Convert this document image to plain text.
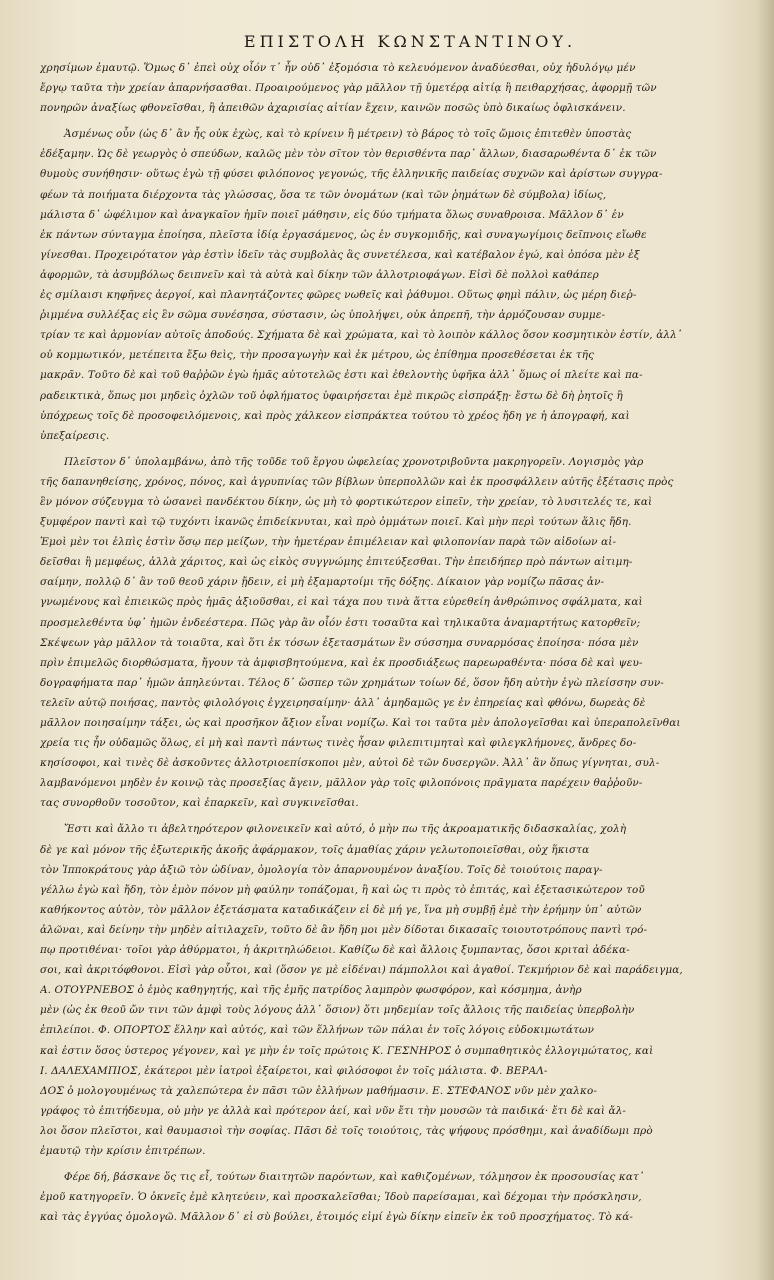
ΕΠΙΣΤΟΛΗ ΚΩΝΣΤΑΝΤΙΝΟΥ.

χρησίμων ἐμαυτῷ. Ὅμως δ᾽ ἐπεὶ οὐχ οἷόν τ᾽ ἦν οὐδ᾽ ἐξομόσια τὸ κελευόμενον ἀναδύεσθαι, οὐχ ἡδυλόγῳ μέν

ἔργῳ ταῦτα τὴν χρείαν ἀπαρνήσασθαι. Προαιρούμενος γὰρ μᾶλλον τῇ ὑμετέρᾳ αἰτίᾳ ἢ πειθαρχήσας, ἀφορμῇ τῶν

πονηρῶν ἀναξίως φθονεῖσθαι, ἢ ἀπειθῶν ἀχαρισίας αἰτίαν ἔχειν, καινῶν ποσῶς ὑπὸ δικαίως ὀφλισκάνειν.

Ἀσμένως οὖν (ὡς δ᾽ ἂν ἧς οὐκ ἐχὼς, καὶ τὸ κρίνειν ἢ μέτρειν) τὸ βάρος τὸ τοῖς ὤμοις ἐπιτεθὲν ὑποστὰς

ἐδέξαμην. Ὡς δὲ γεωργὸς ὁ σπεύδων, καλῶς μὲν τὸν σῖτον τὸν θερισθέντα παρ᾽ ἄλλων, διασαρωθέντα δ᾽ ἐκ τῶν

θυμοὺς συνήθησιν· οὕτως ἐγὼ τῇ φύσει φιλόπονος γεγονώς, τῆς ἑλληνικῆς παιδείας συχνῶν καὶ ἀρίστων συγγρα-

φέων τὰ ποιήματα διέρχοντα τὰς γλώσσας, ὅσα τε τῶν ὀνομάτων (καὶ τῶν ῥημάτων δὲ σύμβολα) ἰδίως,

μάλιστα δ᾽ ὠφέλιμον καὶ ἀναγκαῖον ἡμῖν ποιεῖ μάθησιν, εἰς δύο τμήματα ὅλως συναθροισα. Μᾶλλον δ᾽ ἐν

ἐκ πάντων σύνταγμα ἐποίησα, πλεῖστα ἰδίᾳ ἐργασάμενος, ὡς ἐν συγκομιδῆς, καὶ συναγωγίμοις δεῖπνοις εἴωθε

γίνεσθαι. Προχειρότατον γὰρ ἐστὶν ἰδεῖν τὰς συμβολὰς ἃς συνετέλεσα, καὶ κατέβαλον ἐγώ, καὶ ὁπόσα μὲν ἐξ

ἀφορμῶν, τὰ ἀσυμβόλως δειπνεῖν καὶ τὰ αὐτὰ καὶ δίκην τῶν ἀλλοτριοφάγων. Εἰσὶ δὲ πολλοὶ καθάπερ

ἐς σμίλαισι κηφῆνες ἀεργοί, καὶ πλανητάζοντες φῶρες νωθεῖς καὶ ῥάθυμοι. Οὕτως φημὶ πάλιν, ὡς μέρη διεῤ-

ῥιμμένα συλλέξας εἰς ἓν σῶμα συνέσησα, σύστασιν, ὡς ὑπολήψει, οὐκ ἀπρεπῆ, τὴν ἀρμόζουσαν συμμε-

τρίαν τε καὶ ἁρμονίαν αὐτοῖς ἀποδούς. Σχήματα δὲ καὶ χρώματα, καὶ τὸ λοιπὸν κάλλος ὅσον κοσμητικὸν ἐστίν, ἀλλ᾽

οὐ κομμωτικόν, μετέπειτα ἔξω θεὶς, τὴν προσαγωγὴν καὶ ἐκ μέτρου, ὡς ἐπίθημα προσεθέσεται ἐκ τῆς

μακρᾶν. Τοῦτο δὲ καὶ τοῦ θαῤῥῶν ἐγὼ ἡμᾶς αὐτοτελῶς ἐστι καὶ ἐθελοντὴς ὑφῆκα ἀλλ᾽ ὅμως οἱ πλείτε καὶ πα-

ραδεικτικὰ, ὅπως μοι μηδεὶς ὀχλῶν τοῦ ὀφλήματος ὑφαιρήσεται ἐμὲ πικρῶς εἰσπράξῃ· ἔστω δὲ δὴ ῥητοῖς ἢ

ὑπόχρεως τοῖς δὲ προσοφειλόμενοις, καὶ πρὸς χάλκεον εἰσπράκτεα τούτου τὸ χρέος ἤδη γε ἡ ἀπογραφή, καὶ

ὑπεξαίρεσις.

Πλεῖστον δ᾽ ὑπολαμβάνω, ἀπὸ τῆς τοῦδε τοῦ ἔργου ὠφελείας χρονοτριβοῦντα μακρηγορεῖν. Λογισμὸς γὰρ

τῆς δαπανηθείσης, χρόνος, πόνος, καὶ ἀγρυπνίας τῶν βίβλων ὑπερπολλῶν καὶ ἐκ προσφάλλειν αὐτῆς ἐξέτασις πρὸς

ἓν μόνον σύζευγμα τὸ ὡσανεὶ πανδέκτου δίκην, ὡς μὴ τὸ φορτικώτερον εἰπεῖν, τὴν χρείαν, τὸ λυσιτελές τε, καὶ

ξυμφέρον παντὶ καὶ τῷ τυχόντι ἱκανῶς ἐπιδείκνυται, καὶ πρὸ ὀμμάτων ποιεῖ. Καὶ μὴν περὶ τούτων ἅλις ἤδη.

Ἐμοὶ μὲν τοι ἐλπὶς ἐστὶν ὅσῳ περ μείζων, τὴν ἡμετέραν ἐπιμέλειαν καὶ φιλοπονίαν παρὰ τῶν αἰδοίων αἰ-

δεῖσθαι ἢ μεμφέως, ἀλλὰ χάριτος, καὶ ὡς εἰκὸς συγγνώμης ἐπιτεύξεσθαι. Τὴν ἐπειδήπερ πρὸ πάντων αἰτιμη-

σαίμην, πολλῷ δ᾽ ἂν τοῦ θεοῦ χάριν ᾔδειν, εἰ μὴ ἐξαμαρτοίμι τῆς δόξης. Δίκαιον γὰρ νομίζω πᾶσας ἀν-

γνωμένους καὶ ἐπιεικῶς πρὸς ἡμᾶς ἀξιοῦσθαι, εἰ καὶ τάχα που τινὰ ἅττα εὑρεθείη ἀνθρώπινος σφάλματα, καὶ

προσμελεθέντα ὑφ᾽ ἡμῶν ἐνδεέστερα. Πῶς γὰρ ἂν οἷόν ἐστι τοσαῦτα καὶ τηλικαῦτα ἀναμαρτήτως κατορθεῖν;

Σκέψεων γὰρ μᾶλλον τὰ τοιαῦτα, καὶ ὅτι ἐκ τόσων ἐξετασμάτων ἓν σύσσημα συναρμόσας ἐποίησα· πόσα μὲν

πρὶν ἐπιμελῶς διορθώσματα, ἤγουν τὰ ἀμφισβητούμενα, καὶ ἐκ προσδιάξεως παρεωραθέντα· πόσα δὲ καὶ ψευ-

δογραφήματα παρ᾽ ἡμῶν ἀπηλεύνται. Τέλος δ᾽ ὥσπερ τῶν χρημάτων τοίων δέ, ὅσον ἤδη αὐτὴν ἐγὼ πλείσσην συν-

τελεῖν αὐτῷ ποιήσας, παντὸς φιλολόγοις ἐγχειρησαίμην· ἀλλ᾽ ἀμηδαμῶς γε ἐν ἐπηρείας καὶ φθόνω, δωρεὰς δὲ

μᾶλλον ποιησαίμην τάξει, ὡς καὶ προσῆκον ἄξιον εἶναι νομίζω. Καὶ τοι ταῦτα μὲν ἀπολογεῖσθαι καὶ ὑπεραπολεῖνθαι

χρεία τις ἦν οὐδαμῶς ὅλως, εἰ μὴ καὶ παντὶ πάντως τινὲς ἦσαν φιλεπιτιμηταὶ καὶ φιλεγκλήμονες, ἄνδρες δο-

κησίσοφοι, καὶ τινὲς δὲ ἀσκοῦντες ἀλλοτριοεπίσκοποι μὲν, αὐτοὶ δὲ τῶν δυσεργῶν. Ἀλλ᾽ ἂν ὅπως γίγνηται, συλ-

λαμβανόμενοι μηδὲν ἐν κοινῷ τὰς προσεξίας ἄγειν, μᾶλλον γὰρ τοῖς φιλοπόνοις πρᾶγματα παρέχειν θαῤῥοῦν-

τας συνορθοῦν τοσοῦτον, καὶ ἐπαρκεῖν, καὶ συγκινεῖσθαι.

Ἔστι καὶ ἄλλο τι ἀβελτηρότερον φιλονεικεῖν καὶ αὐτό, ὁ μὴν πω τῆς ἀκροαματικῆς διδασκαλίας, χολὴ

δὲ γε καὶ μόνον τῆς ἐξωτερικῆς ἀκοῆς ἀφάρμακον, τοῖς ἀμαθίας χάριν γελωτοποιεῖσθαι, οὐχ ἥκιστα

τὸν Ἱπποκράτους γὰρ ἀξιῶ τὸν ὠδίναν, ὁμολογία τὸν ἀπαρνουμένον ἀναξίου. Τοῖς δὲ τοιούτοις παραγ-

γέλλω ἐγὼ καὶ ἤδη, τὸν ἐμὸν πόνον μὴ φαύλην τοπάζομαι, ἢ καὶ ὡς τι πρὸς τὸ ἐπιτάς, καὶ ἐξετασικώτερον τοῦ

καθήκοντος αὐτὸν, τὸν μᾶλλον ἐξετάσματα καταδικάζειν εἰ δὲ μή γε, ἵνα μὴ συμβῇ ἐμὲ τὴν ἐρήμην ὑπ᾽ αὐτῶν

ἀλῶναι, καὶ δείνην τὴν μηδὲν αἰτιλαχεῖν, τοῦτο δὲ ἂν ἤδη μοι μὲν δίδοται δικασαῖς τοιουτοτρόπους παντὶ τρό-

πῳ προτιθέναι· τοῖοι γὰρ ἀθύρματοι, ἡ ἀκριτηλώδειοι. Καθίζω δὲ καὶ ἄλλοις ξυμπαντας, ὅσοι κριταὶ ἀδέκα-

σοι, καὶ ἀκριτόφθονοι. Εἰσὶ γὰρ οὗτοι, καὶ (ὅσον γε μὲ εἰδέναι) πάμπολλοι καὶ ἀγαθοί. Τεκμήριον δὲ καὶ παράδειγμα,

Α. ΟΤΟΥΡΝΕΒΟΣ ὁ ἐμὸς καθηγητής, καὶ τῆς ἐμῆς πατρίδος λαμπρὸν φωσφόρον, καὶ κόσμημα, ἀνὴρ

μὲν (ὡς ἐκ θεοῦ ὤν τινι τῶν ἀμφὶ τοὺς λόγους ἀλλ᾽ ὅσιον) ὅτι μηδεμίαν τοῖς ἄλλοις τῆς παιδείας ὑπερβολὴν

ἐπιλείποι. Φ. ΟΠΟΡΤΟΣ ἕλλην καὶ αὐτός, καὶ τῶν ἕλλήνων τῶν πάλαι ἐν τοῖς λόγοις εὐδοκιμωτάτων

καὶ ἐστιν ὅσος ὑστερος γέγονεν, καὶ γε μὴν ἐν τοῖς πρώτοις Κ. ΓΕΣΝΗΡΟΣ ὁ συμπαθητικὸς ἐλλογιμώτατος, καὶ

Ι. ΔΑΛΕΧΑΜΠΙΟΣ, ἑκάτεροι μὲν ἰατροὶ ἐξαίρετοι, καὶ φιλόσοφοι ἐν τοῖς μάλιστα. Φ. ΒΕΡΑΛ-

ΔΟΣ ὁ μολογουμένως τὰ χαλεπώτερα ἐν πᾶσι τῶν ἑλλήνων μαθήμασιν. Ε. ΣΤΕΦΑΝΟΣ νῦν μὲν χαλκο-

γράφος τὸ ἐπιτήδευμα, οὐ μὴν γε ἀλλὰ καὶ πρότερον ἀεί, καὶ νῦν ἔτι τὴν μουσῶν τὰ παιδικά· ἔτι δὲ καὶ ἄλ-

λοι ὅσον πλεῖστοι, καὶ θαυμασιοὶ τὴν σοφίας. Πᾶσι δὲ τοῖς τοιούτοις, τὰς ψήφους πρόσθημι, καὶ ἀναδίδωμι πρὸ

ἐμαυτῷ τὴν κρίσιν ἐπιτρέπων.

Φέρε δή, βάσκανε ὅς τις εἶ, τούτων διαιτητῶν παρόντων, καὶ καθιζομένων, τόλμησον ἐκ προσουσίας κατ᾽

ἐμοῦ κατηγορεῖν. Ὁ ὀκνεῖς ἐμὲ κλητεύειν, καὶ προσκαλεῖσθαι; Ἰδοὺ παρείσαμαι, καὶ δέχομαι τὴν πρόσκλησιν,

καὶ τὰς ἐγγύας ὁμολογῶ. Μᾶλλον δ᾽ εἰ σὺ βούλει, ἑτοιμός εἰμί ἐγὼ δίκην εἰπεῖν ἐκ τοῦ προσχήματος. Τὸ κά-
